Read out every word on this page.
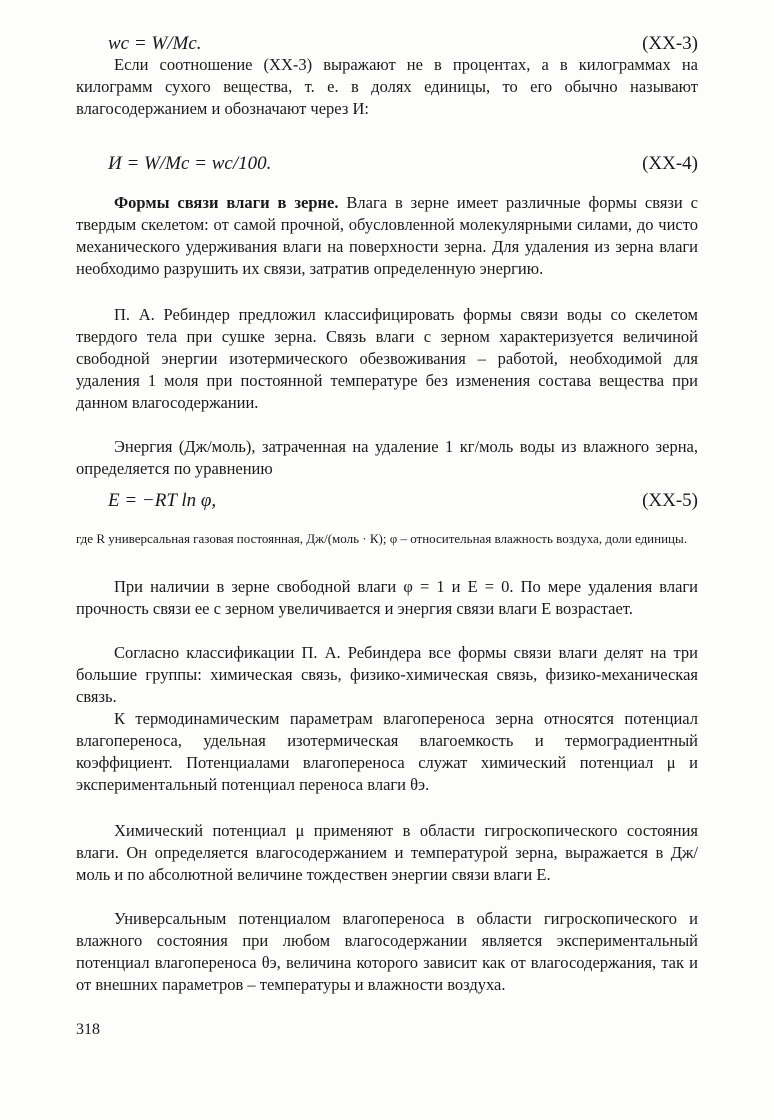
wс = W/Mс.	(XX-3)

Если соотношение (XX-3) выражают не в процентах, а в килограммах на килограмм сухого вещества, т. е. в долях единицы, то его обычно называют влагосодержанием и обозначают через И:

И = W/Mс = wс/100.	(XX-4)

Формы связи влаги в зерне. Влага в зерне имеет различные формы связи с твердым скелетом: от самой прочной, обусловленной молекулярными силами, до чисто механического удерживания влаги на поверхности зерна. Для удаления из зерна влаги необходимо разрушить их связи, затратив определенную энергию.

П. А. Ребиндер предложил классифицировать формы связи воды со скелетом твердого тела при сушке зерна. Связь влаги с зерном характеризуется величиной свободной энергии изотермического обезвоживания – работой, необходимой для удаления 1 моля при постоянной температуре без изменения состава вещества при данном влагосодержании.

Энергия (Дж/моль), затраченная на удаление 1 кг/моль воды из влажного зерна, определяется по уравнению

E = −RT ln φ,	(XX-5)

где R универсальная газовая постоянная, Дж/(моль · К); φ – относительная влажность воздуха, доли единицы.

При наличии в зерне свободной влаги φ = 1 и E = 0. По мере удаления влаги прочность связи ее с зерном увеличивается и энергия связи влаги E возрастает.

Согласно классификации П. А. Ребиндера все формы связи влаги делят на три большие группы: химическая связь, физико-химическая связь, физико-механическая связь.

К термодинамическим параметрам влагопереноса зерна относятся потенциал влагопереноса, удельная изотермическая влагоемкость и термоградиентный коэффициент. Потенциалами влагопереноса служат химический потенциал μ и экспериментальный потенциал переноса влаги θэ.

Химический потенциал μ применяют в области гигроскопического состояния влаги. Он определяется влагосодержанием и температурой зерна, выражается в Дж/моль и по абсолютной величине тождествен энергии связи влаги E.

Универсальным потенциалом влагопереноса в области гигроскопического и влажного состояния при любом влагосодержании является экспериментальный потенциал влагопереноса θэ, величина которого зависит как от влагосодержания, так и от внешних параметров – температуры и влажности воздуха.

318
